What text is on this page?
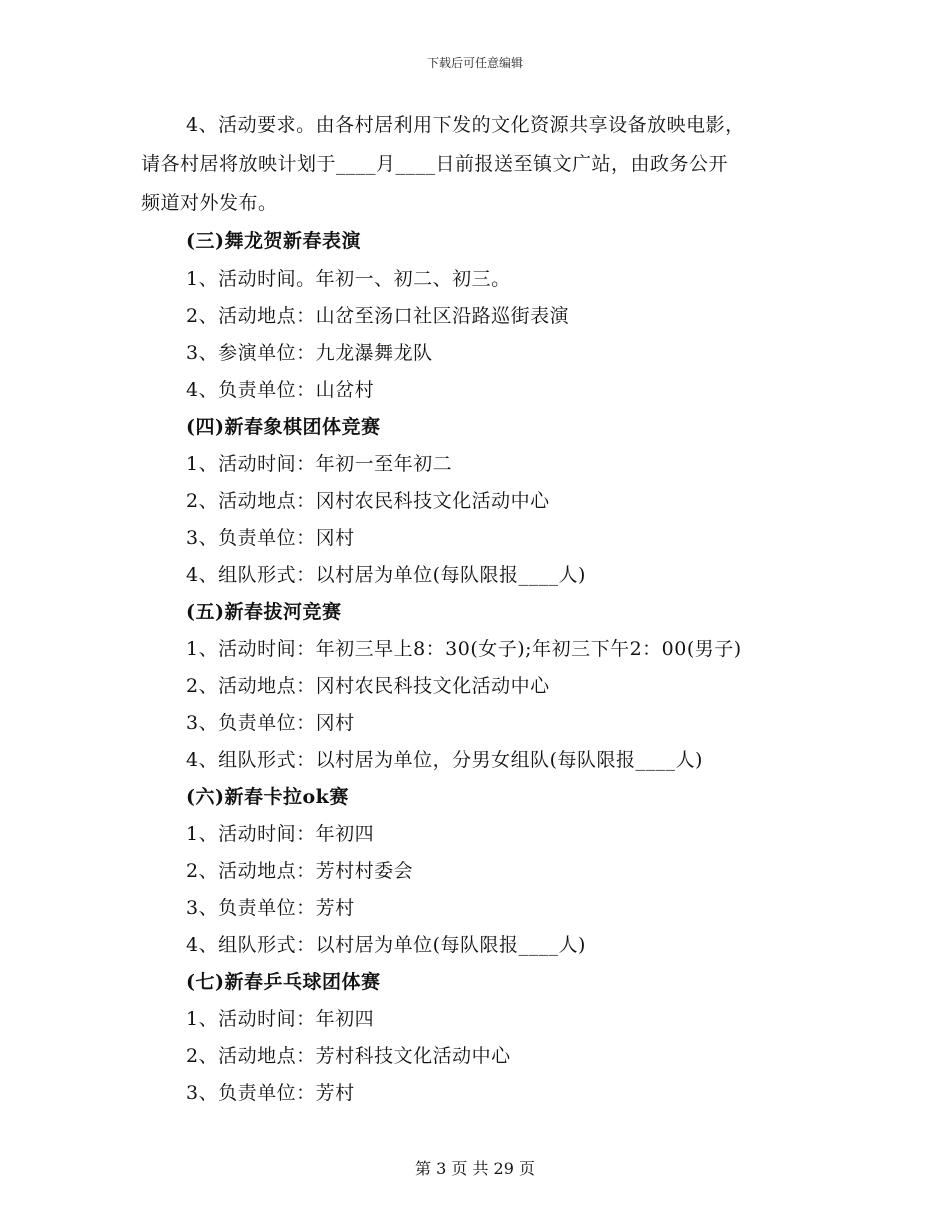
下载后可任意编辑
4、活动要求。由各村居利用下发的文化资源共享设备放映电影，
请各村居将放映计划于____月____日前报送至镇文广站，由政务公开
频道对外发布。
(三)舞龙贺新春表演
1、活动时间。年初一、初二、初三。
2、活动地点：山岔至汤口社区沿路巡街表演
3、参演单位：九龙瀑舞龙队
4、负责单位：山岔村
(四)新春象棋团体竞赛
1、活动时间：年初一至年初二
2、活动地点：冈村农民科技文化活动中心
3、负责单位：冈村
4、组队形式：以村居为单位(每队限报____人)
(五)新春拔河竞赛
1、活动时间：年初三早上8：30(女子);年初三下午2：00(男子)
2、活动地点：冈村农民科技文化活动中心
3、负责单位：冈村
4、组队形式：以村居为单位，分男女组队(每队限报____人)
(六)新春卡拉ok赛
1、活动时间：年初四
2、活动地点：芳村村委会
3、负责单位：芳村
4、组队形式：以村居为单位(每队限报____人)
(七)新春乒乓球团体赛
1、活动时间：年初四
2、活动地点：芳村科技文化活动中心
3、负责单位：芳村
第 3 页 共 29 页
